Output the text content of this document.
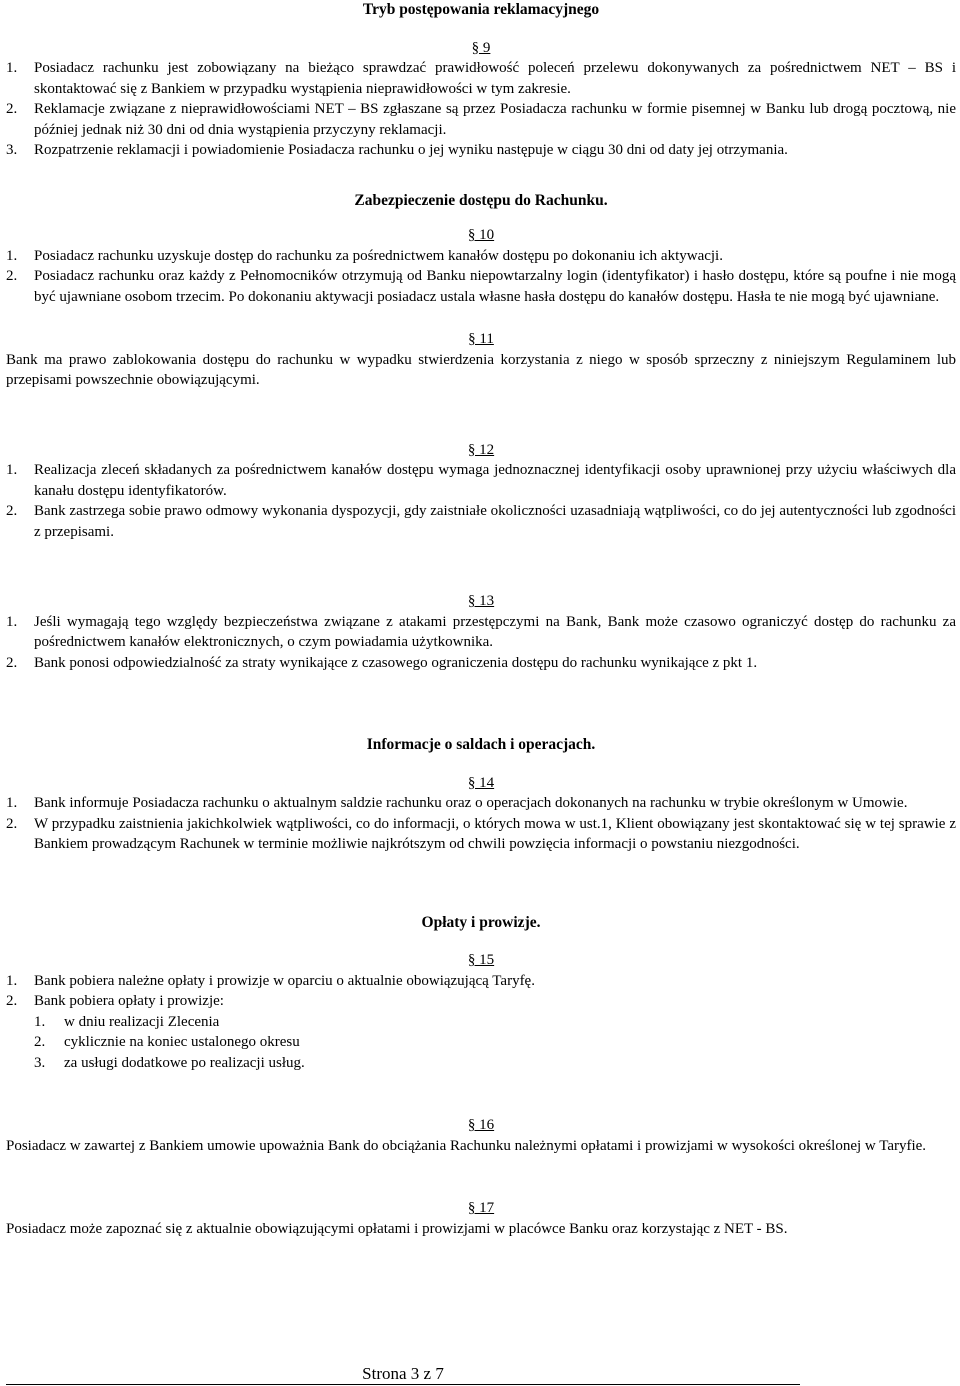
Tryb postępowania reklamacyjnego
§ 9
1.	Posiadacz rachunku jest zobowiązany na bieżąco sprawdzać prawidłowość poleceń przelewu dokonywanych za pośrednictwem NET – BS i skontaktować się z Bankiem w przypadku wystąpienia nieprawidłowości w tym zakresie.
2.	Reklamacje związane z nieprawidłowościami NET – BS zgłaszane są przez Posiadacza rachunku w formie pisemnej w Banku lub drogą pocztową, nie później jednak niż 30 dni od dnia wystąpienia przyczyny reklamacji.
3.	Rozpatrzenie reklamacji i powiadomienie Posiadacza rachunku o jej wyniku następuje w ciągu 30 dni od daty jej otrzymania.
Zabezpieczenie dostępu do Rachunku.
§ 10
1.	Posiadacz rachunku uzyskuje dostęp do rachunku za pośrednictwem kanałów dostępu po dokonaniu ich aktywacji.
2.	Posiadacz rachunku oraz każdy z Pełnomocników otrzymują od Banku niepowtarzalny login (identyfikator) i hasło dostępu, które są poufne i nie mogą być ujawniane osobom trzecim. Po dokonaniu aktywacji posiadacz ustala własne hasła dostępu do kanałów dostępu. Hasła te nie mogą być ujawniane.
§ 11
Bank ma prawo zablokowania dostępu do rachunku w wypadku stwierdzenia korzystania z niego w sposób sprzeczny z niniejszym Regulaminem lub przepisami powszechnie obowiązującymi.
§ 12
1.	Realizacja zleceń składanych za pośrednictwem kanałów dostępu wymaga jednoznacznej identyfikacji osoby uprawnionej przy użyciu właściwych dla kanału dostępu identyfikatorów.
2.	Bank zastrzega sobie prawo odmowy wykonania dyspozycji, gdy zaistniałe okoliczności uzasadniają wątpliwości, co do jej autentyczności lub zgodności z przepisami.
§ 13
1.	Jeśli wymagają tego względy bezpieczeństwa związane z atakami przestępczymi na Bank, Bank może czasowo ograniczyć dostęp do rachunku za pośrednictwem kanałów elektronicznych, o czym powiadamia użytkownika.
2.	Bank ponosi odpowiedzialność za straty wynikające z czasowego ograniczenia dostępu do rachunku wynikające z pkt 1.
Informacje o saldach i operacjach.
§ 14
1.	Bank informuje Posiadacza rachunku o aktualnym saldzie rachunku oraz o operacjach dokonanych na rachunku w trybie określonym w Umowie.
2.	W przypadku zaistnienia jakichkolwiek wątpliwości, co do informacji, o których mowa w ust.1, Klient obowiązany jest skontaktować się w tej sprawie z Bankiem prowadzącym Rachunek w terminie możliwie najkrótszym od chwili powzięcia informacji o powstaniu niezgodności.
Opłaty i prowizje.
§ 15
1.	Bank pobiera należne opłaty i prowizje w oparciu o aktualnie obowiązującą Taryfę.
2.	Bank pobiera opłaty i prowizje:
1.	w dniu realizacji Zlecenia
2.	cyklicznie na koniec ustalonego okresu
3.	za usługi dodatkowe po realizacji usług.
§ 16
Posiadacz w zawartej z Bankiem umowie upoważnia Bank do obciążania Rachunku należnymi opłatami i prowizjami w wysokości określonej w Taryfie.
§ 17
Posiadacz może zapoznać się z aktualnie obowiązującymi opłatami i prowizjami w placówce Banku oraz korzystając z NET - BS.
Strona 3 z 7
